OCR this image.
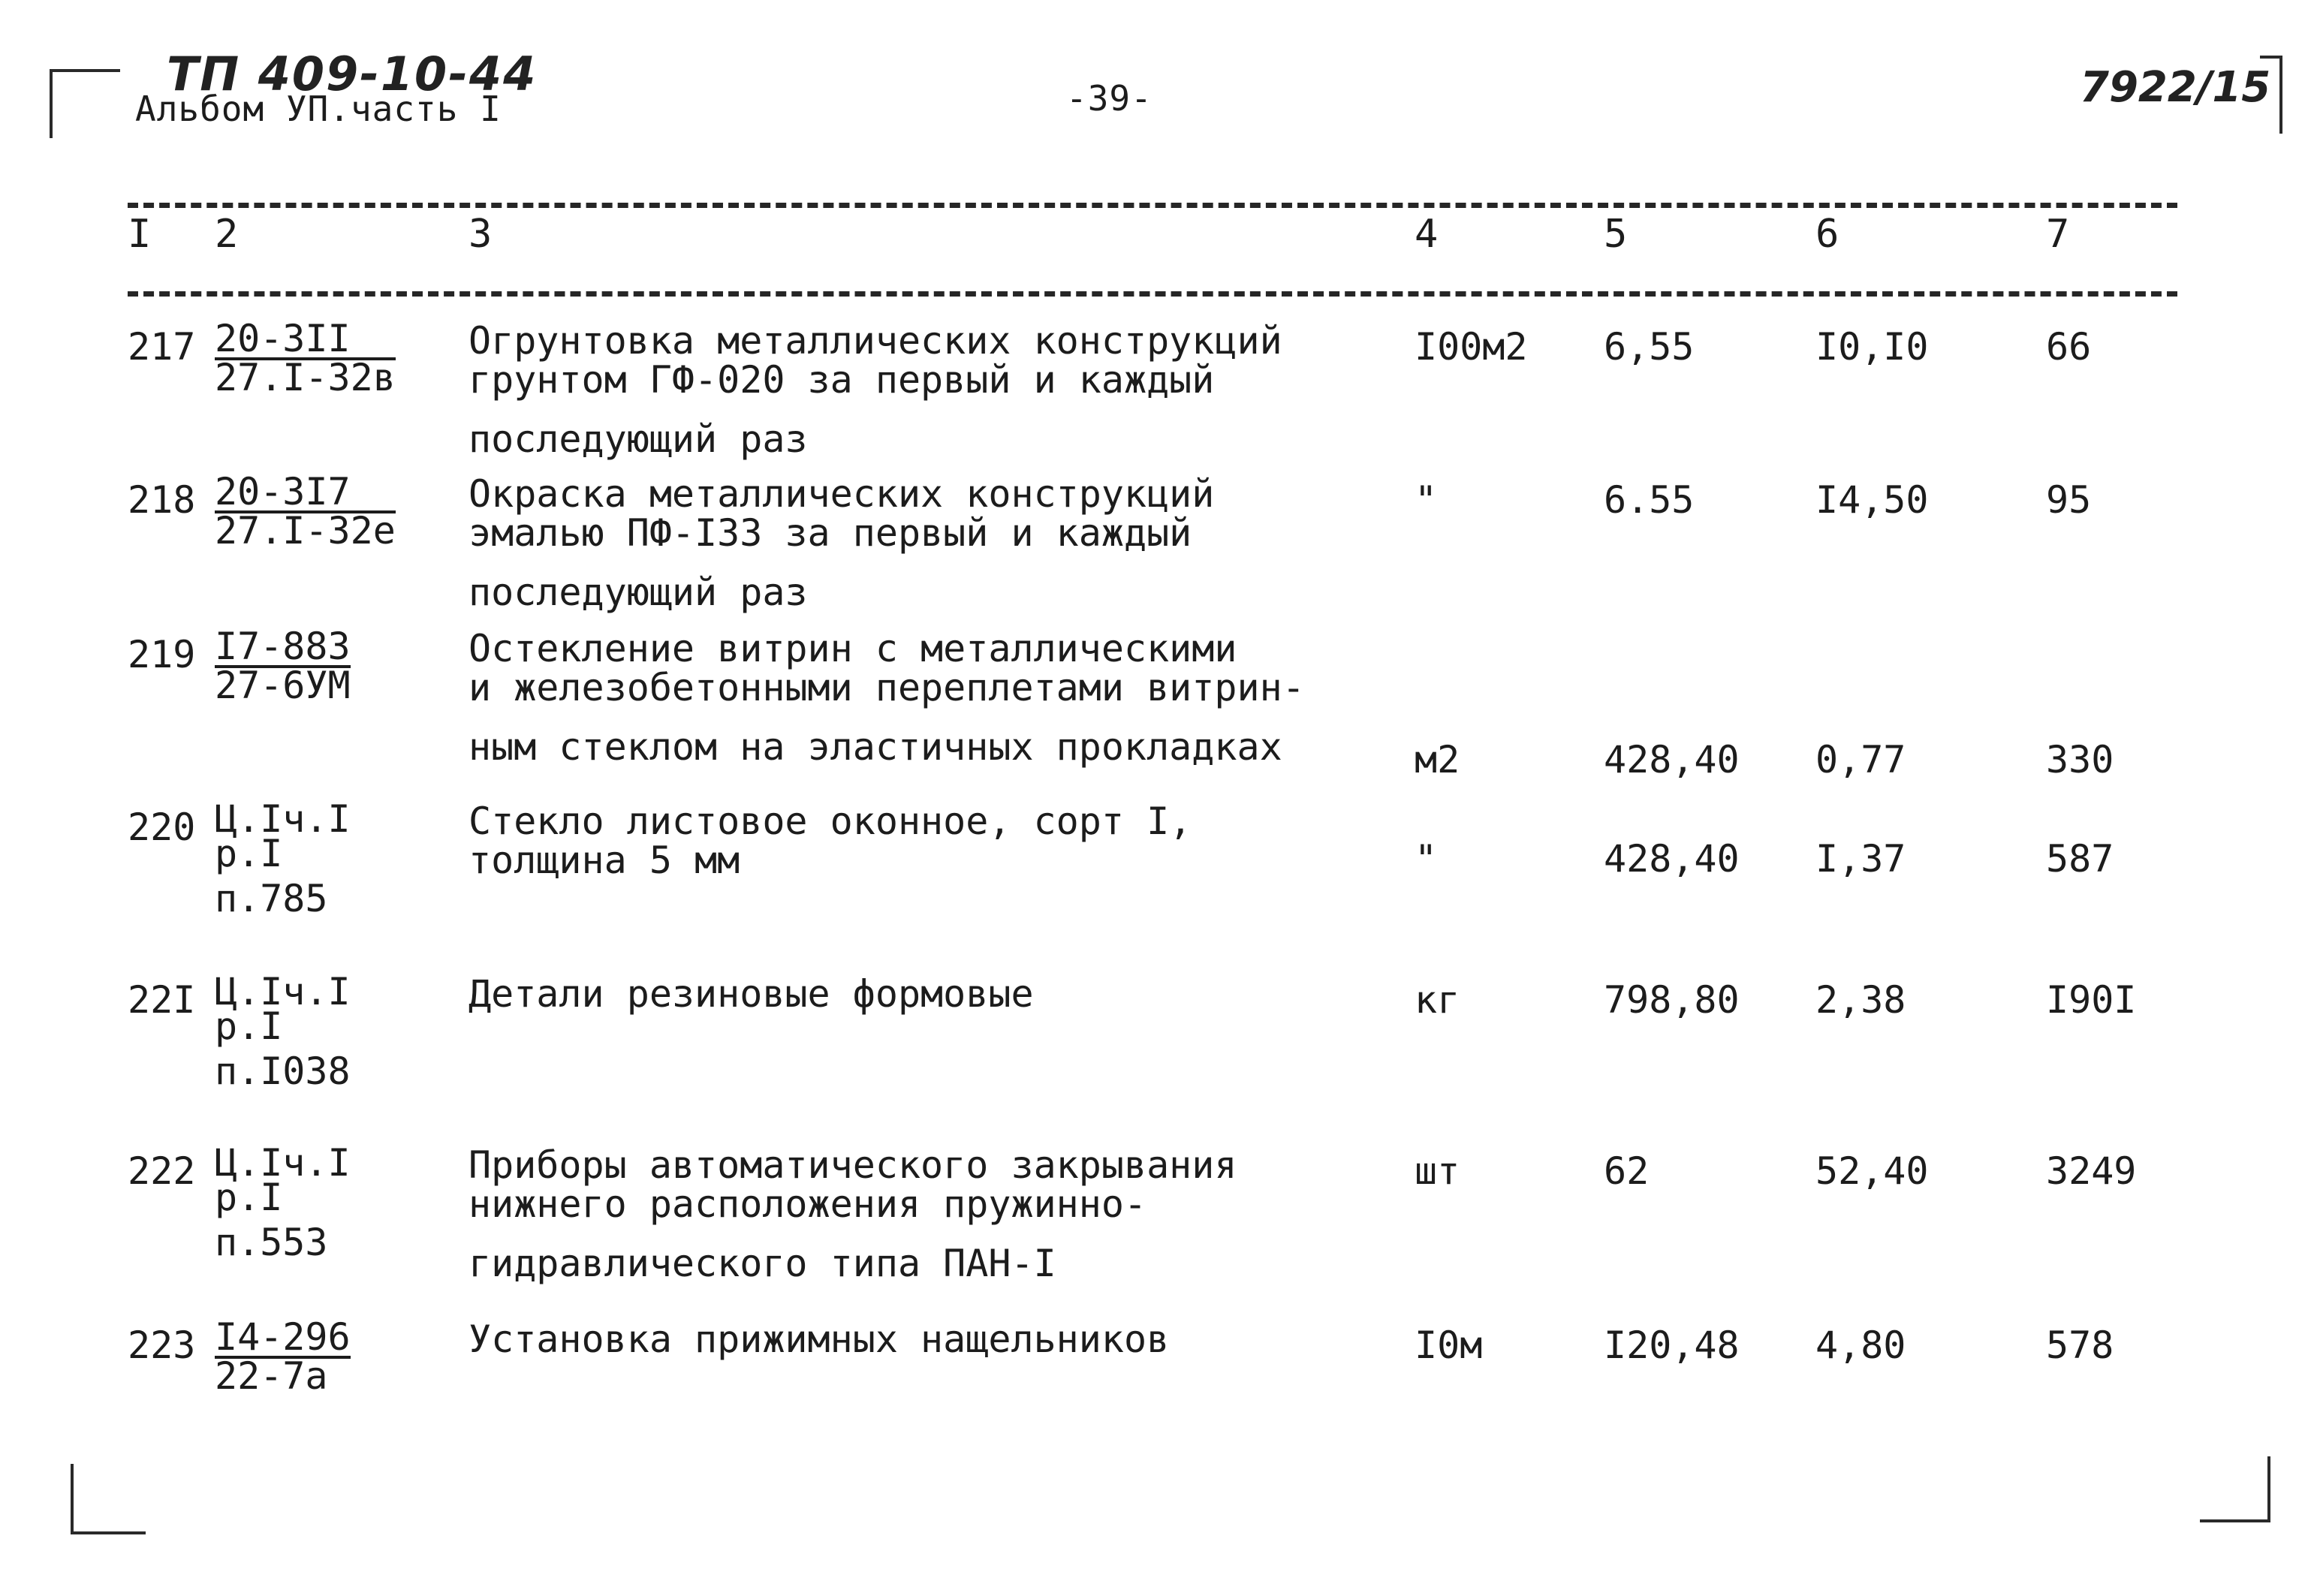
ТП 409-10-44
Альбом УП.часть I	-39-	7922/15
I 2	3	4	5	6	7
217 20-3II
27.I-32в
Огрунтовка металлических конструкций
грунтом ГФ-020 за первый и каждый
последующий раз
I00м2 6,55	I0,I0	66
218 20-3I7
27.I-32е
Окраска металлических конструкций
эмалью ПФ-I33 за первый и каждый
последующий раз
"	6.55	I4,50	95
219 I7-883
27-6УМ
Остекление витрин с металлическими
и железобетонными переплетами витрин-
ным стеклом на эластичных прокладках	м2	428,40 0,77	330
220 Ц.Iч.I
р.I
п.785
Стекло листовое оконное, сорт I,
толщина 5 мм	"	428,40 I,37	587
22I Ц.Iч.I
р.I
п.I038
Детали резиновые формовые	кг	798,80 2,38	I90I
222 Ц.Iч.I
р.I
п.553
Приборы автоматического закрывания
нижнего расположения пружинно-
гидравлического типа ПАН-I
шт	62	52,40	3249
223 I4-296
22-7а
Установка прижимных нащельников	I0м	I20,48 4,80	578
